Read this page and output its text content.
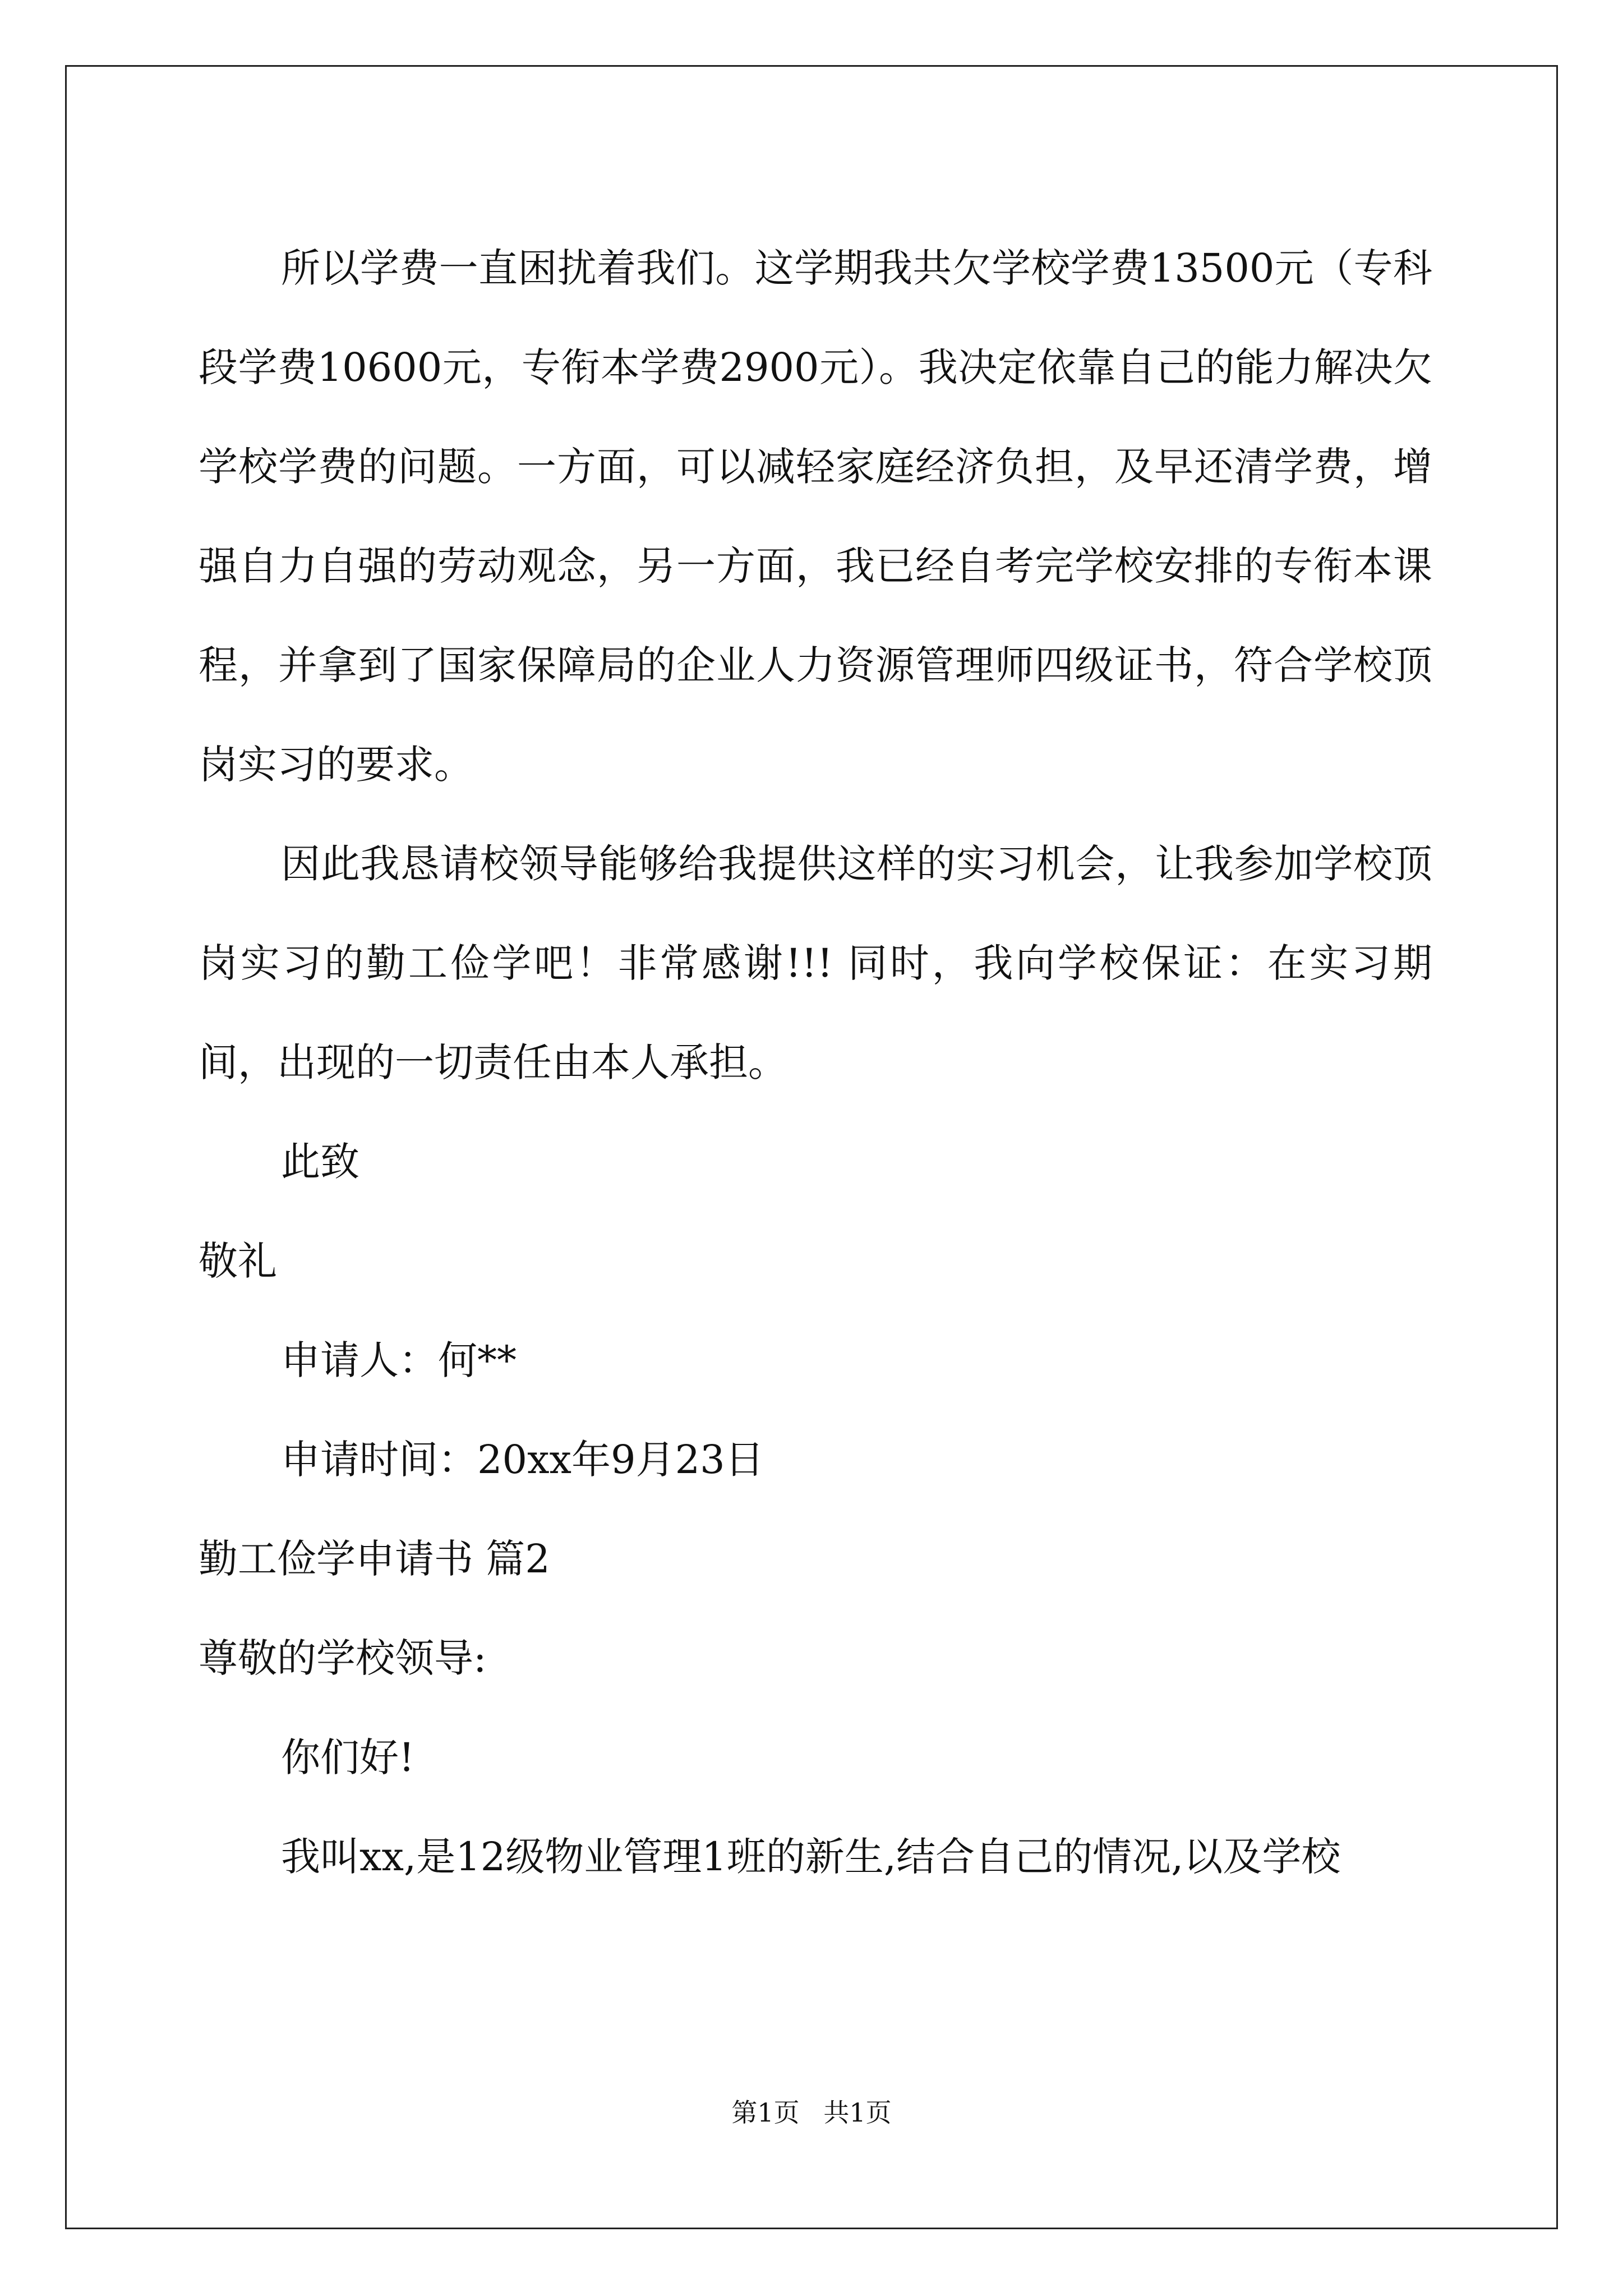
所以学费一直困扰着我们。这学期我共欠学校学费13500元（专科段学费10600元，专衔本学费2900元）。我决定依靠自己的能力解决欠学校学费的问题。一方面，可以减轻家庭经济负担，及早还清学费，增强自力自强的劳动观念，另一方面，我已经自考完学校安排的专衔本课程，并拿到了国家保障局的企业人力资源管理师四级证书，符合学校顶岗实习的要求。

因此我恳请校领导能够给我提供这样的实习机会，让我参加学校顶岗实习的勤工俭学吧！非常感谢!!! 同时，我向学校保证：在实习期间，出现的一切责任由本人承担。

此致

敬礼

申请人：何**

申请时间：20xx年9月23日

勤工俭学申请书 篇2

尊敬的学校领导:

你们好!

我叫xx,是12级物业管理1班的新生,结合自己的情况,以及学校

第1页 共1页
